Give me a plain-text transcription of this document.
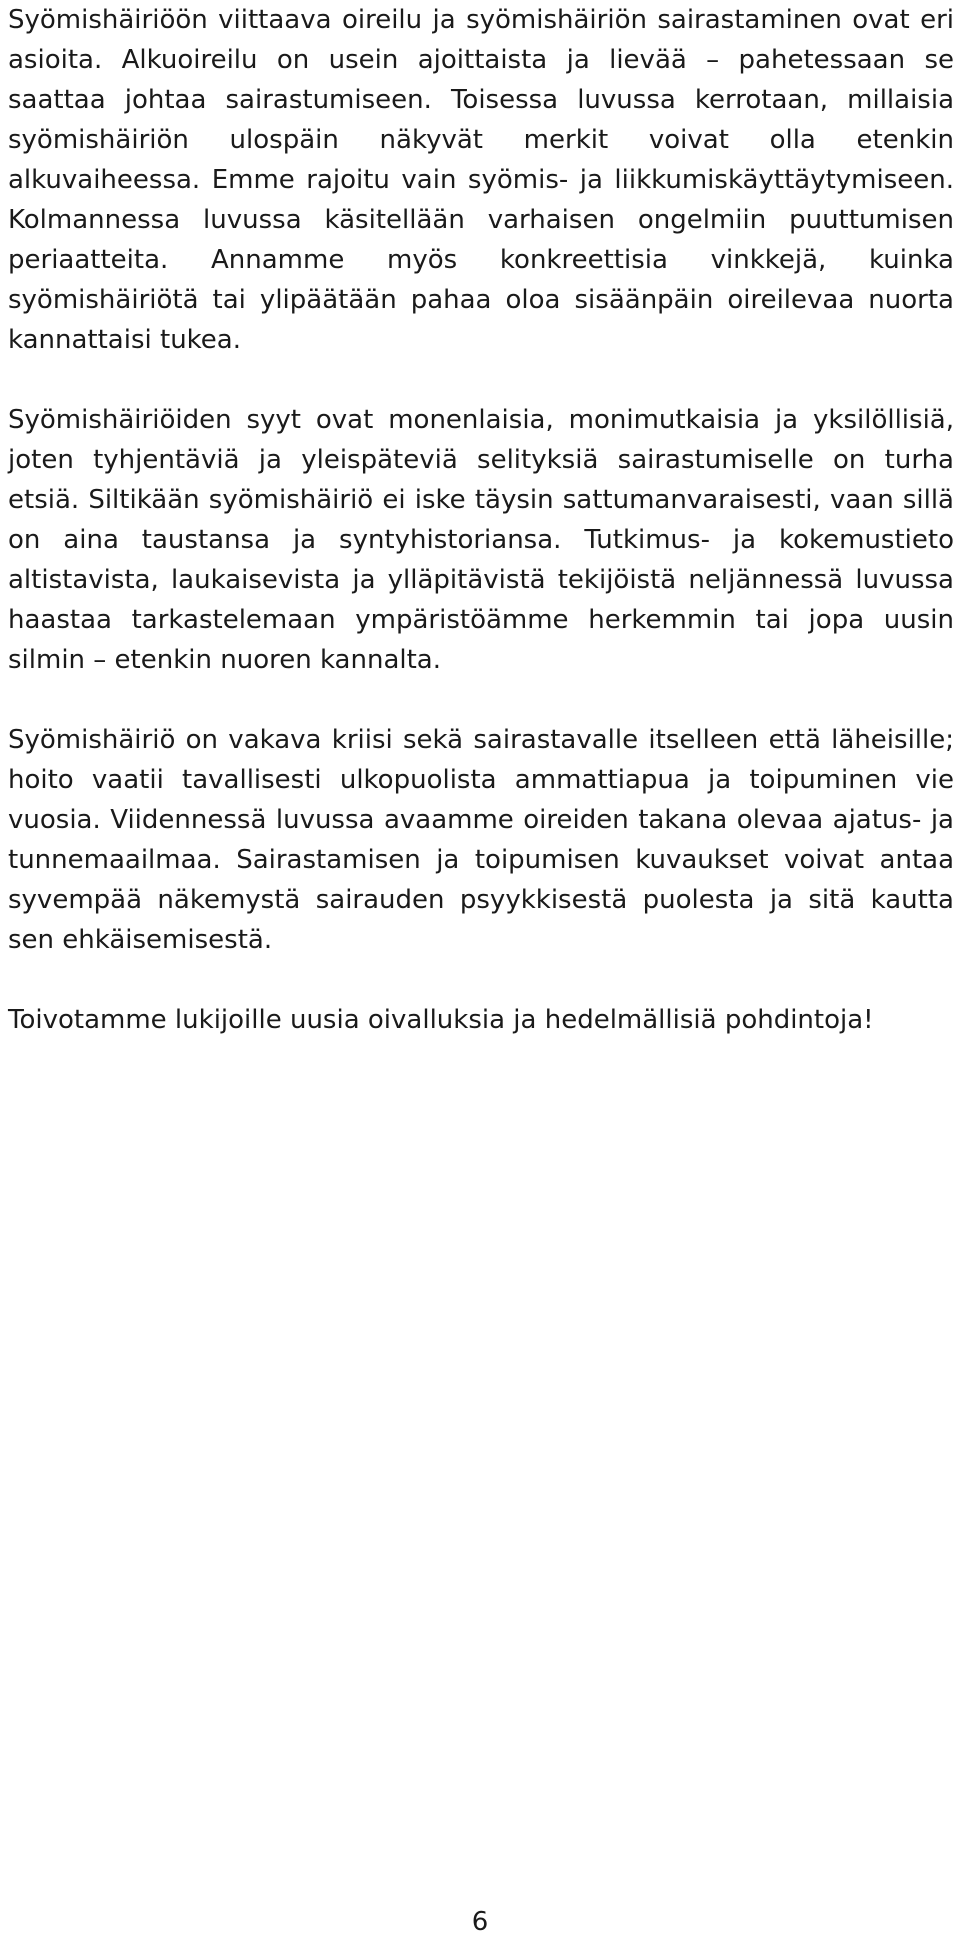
Syömishäiriöön viittaava oireilu ja syömishäiriön sairastaminen ovat eri asioita. Alkuoireilu on usein ajoittaista ja lievää – pahetessaan se saattaa johtaa sairastumiseen. Toisessa luvussa kerrotaan, millaisia syömishäiriön ulospäin näkyvät merkit voivat olla etenkin alkuvaiheessa. Emme rajoitu vain syömis- ja liikkumiskäyttäytymiseen. Kolmannessa luvussa käsitellään varhaisen ongelmiin puuttumisen periaatteita. Annamme myös konkreettisia vinkkejä, kuinka syömishäiriötä tai ylipäätään pahaa oloa sisäänpäin oireilevaa nuorta kannattaisi tukea.

Syömishäiriöiden syyt ovat monenlaisia, monimutkaisia ja yksilöllisiä, joten tyhjentäviä ja yleispäteviä selityksiä sairastumiselle on turha etsiä. Siltikään syömishäiriö ei iske täysin sattumanvaraisesti, vaan sillä on aina taustansa ja syntyhistoriansa. Tutkimus- ja kokemustieto altistavista, laukaisevista ja ylläpitävistä tekijöistä neljännessä luvussa haastaa tarkastelemaan ympäristöämme herkemmin tai jopa uusin silmin – etenkin nuoren kannalta.

Syömishäiriö on vakava kriisi sekä sairastavalle itselleen että läheisille; hoito vaatii tavallisesti ulkopuolista ammattiapua ja toipuminen vie vuosia. Viidennessä luvussa avaamme oireiden takana olevaa ajatus- ja tunnemaailmaa. Sairastamisen ja toipumisen kuvaukset voivat antaa syvempää näkemystä sairauden psyykkisestä puolesta ja sitä kautta sen ehkäisemisestä.

Toivotamme lukijoille uusia oivalluksia ja hedelmällisiä pohdintoja!

6
